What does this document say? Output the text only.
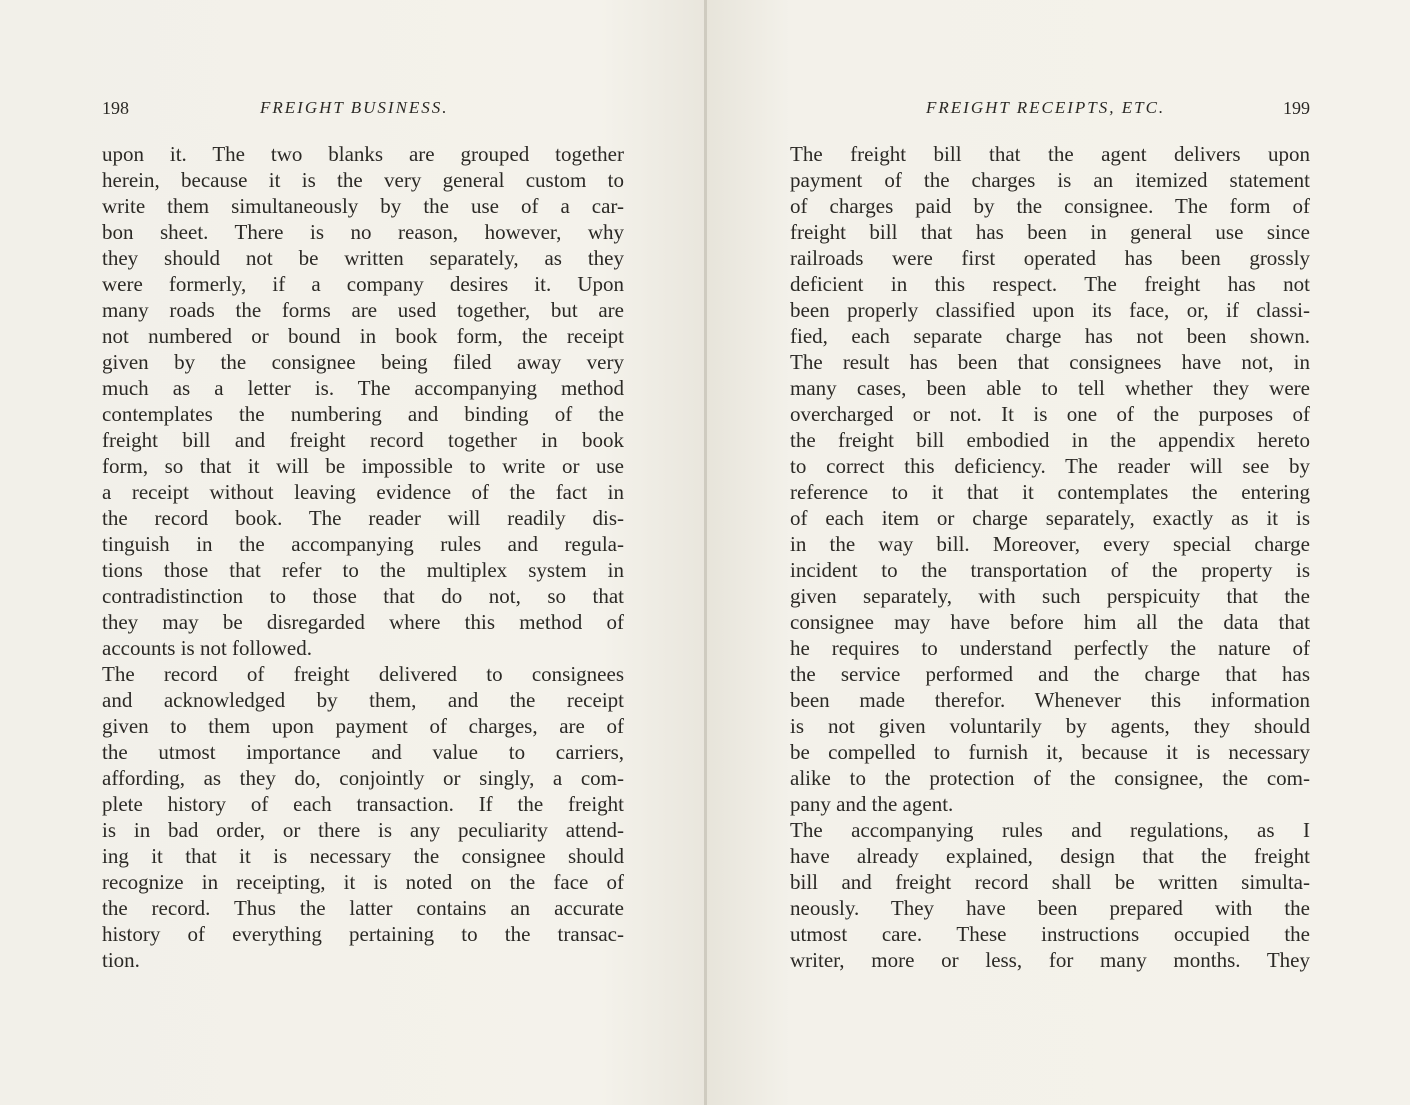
198	FREIGHT BUSINESS.
upon it. The two blanks are grouped together
herein, because it is the very general custom to
write them simultaneously by the use of a car-
bon sheet. There is no reason, however, why
they should not be written separately, as they
were formerly, if a company desires it. Upon
many roads the forms are used together, but are
not numbered or bound in book form, the receipt
given by the consignee being filed away very
much as a letter is. The accompanying method
contemplates the numbering and binding of the
freight bill and freight record together in book
form, so that it will be impossible to write or use
a receipt without leaving evidence of the fact in
the record book. The reader will readily dis-
tinguish in the accompanying rules and regula-
tions those that refer to the multiplex system in
contradistinction to those that do not, so that
they may be disregarded where this method of
accounts is not followed.
The record of freight delivered to consignees
and acknowledged by them, and the receipt
given to them upon payment of charges, are of
the utmost importance and value to carriers,
affording, as they do, conjointly or singly, a com-
plete history of each transaction. If the freight
is in bad order, or there is any peculiarity attend-
ing it that it is necessary the consignee should
recognize in receipting, it is noted on the face of
the record. Thus the latter contains an accurate
history of everything pertaining to the transac-
tion.
FREIGHT RECEIPTS, ETC.	199
The freight bill that the agent delivers upon
payment of the charges is an itemized statement
of charges paid by the consignee. The form of
freight bill that has been in general use since
railroads were first operated has been grossly
deficient in this respect. The freight has not
been properly classified upon its face, or, if classi-
fied, each separate charge has not been shown.
The result has been that consignees have not, in
many cases, been able to tell whether they were
overcharged or not. It is one of the purposes of
the freight bill embodied in the appendix hereto
to correct this deficiency. The reader will see by
reference to it that it contemplates the entering
of each item or charge separately, exactly as it is
in the way bill. Moreover, every special charge
incident to the transportation of the property is
given separately, with such perspicuity that the
consignee may have before him all the data that
he requires to understand perfectly the nature of
the service performed and the charge that has
been made therefor. Whenever this information
is not given voluntarily by agents, they should
be compelled to furnish it, because it is necessary
alike to the protection of the consignee, the com-
pany and the agent.
The accompanying rules and regulations, as I
have already explained, design that the freight
bill and freight record shall be written simulta-
neously. They have been prepared with the
utmost care. These instructions occupied the
writer, more or less, for many months. They
